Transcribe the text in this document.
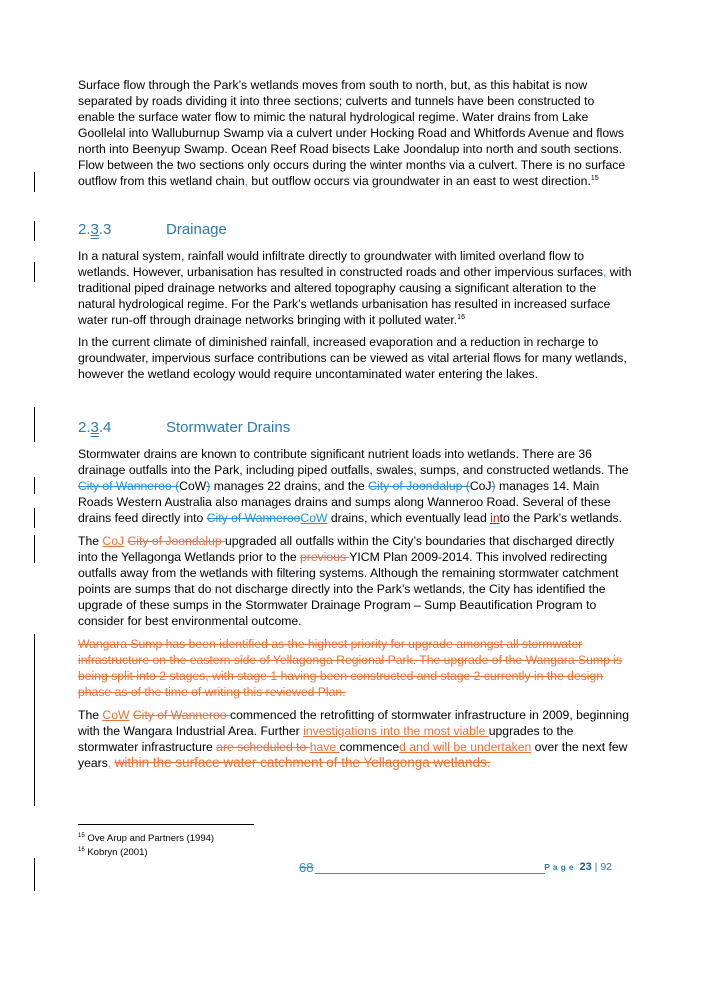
Surface flow through the Park’s wetlands moves from south to north, but, as this habitat is now separated by roads dividing it into three sections; culverts and tunnels have been constructed to enable the surface water flow to mimic the natural hydrological regime. Water drains from Lake Goollelal into Walluburnup Swamp via a culvert under Hocking Road and Whitfords Avenue and flows north into Beenyup Swamp. Ocean Reef Road bisects Lake Joondalup into north and south sections. Flow between the two sections only occurs during the winter months via a culvert. There is no surface outflow from this wetland chain, but outflow occurs via groundwater in an east to west direction.$^{15}$

2.3.3	Drainage

In a natural system, rainfall would infiltrate directly to groundwater with limited overland flow to wetlands. However, urbanisation has resulted in constructed roads and other impervious surfaces, with traditional piped drainage networks and altered topography causing a significant alteration to the natural hydrological regime. For the Park’s wetlands urbanisation has resulted in increased surface water run-off through drainage networks bringing with it polluted water.$^{16}$

In the current climate of diminished rainfall, increased evaporation and a reduction in recharge to groundwater, impervious surface contributions can be viewed as vital arterial flows for many wetlands, however the wetland ecology would require uncontaminated water entering the lakes.

2.3.4	Stormwater Drains

Stormwater drains are known to contribute significant nutrient loads into wetlands. There are 36 drainage outfalls into the Park, including piped outfalls, swales, sumps, and constructed wetlands. The City of Wanneroo (CoW) manages 22 drains, and the City of Joondalup (CoJ) manages 14. Main Roads Western Australia also manages drains and sumps along Wanneroo Road. Several of these drains feed directly into City of WannerooCoW drains, which eventually lead into the Park’s wetlands.

The CoJ City of Joondalup upgraded all outfalls within the City’s boundaries that discharged directly into the Yellagonga Wetlands prior to the previous YICM Plan 2009-2014. This involved redirecting outfalls away from the wetlands with filtering systems. Although the remaining stormwater catchment points are sumps that do not discharge directly into the Park’s wetlands, the City has identified the upgrade of these sumps in the Stormwater Drainage Program – Sump Beautification Program to consider for best environmental outcome.

Wangara Sump has been identified as the highest priority for upgrade amongst all stormwater infrastructure on the eastern side of Yellagonga Regional Park. The upgrade of the Wangara Sump is being split into 2 stages, with stage 1 having been constructed and stage 2 currently in the design phase as of the time of writing this reviewed Plan.

The CoW City of Wanneroo commenced the retrofitting of stormwater infrastructure in 2009, beginning with the Wangara Industrial Area. Further investigations into the most viable upgrades to the stormwater infrastructure are scheduled to have commenced and will be undertaken over the next few years, within the surface water catchment of the Yellagonga wetlands.

$^{15}$ Ove Arup and Partners (1994)
$^{16}$ Kobryn (2001)
68	Page 23 | 92
